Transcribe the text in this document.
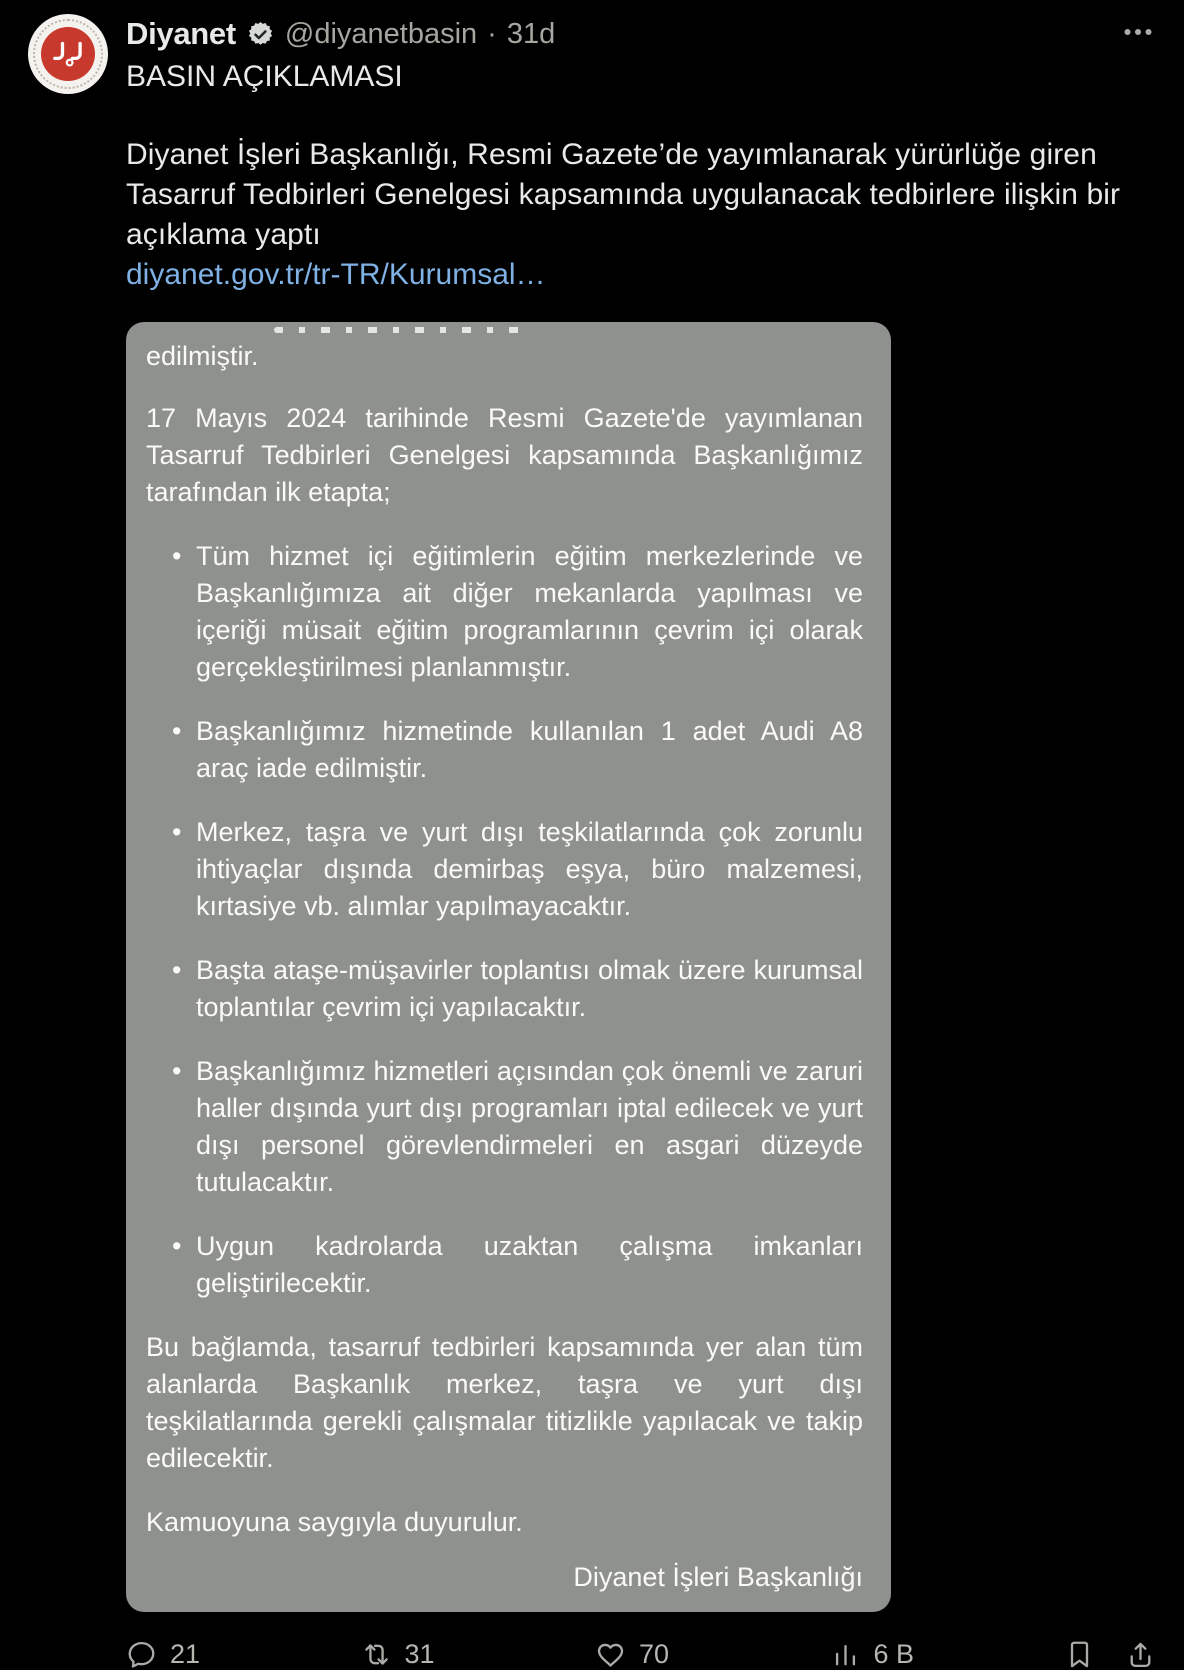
Diyanet @diyanetbasin · 31d
BASIN AÇIKLAMASI
Diyanet İşleri Başkanlığı, Resmi Gazete’de yayımlanarak yürürlüğe giren Tasarruf Tedbirleri Genelgesi kapsamında uygulanacak tedbirlere ilişkin bir açıklama yaptı
diyanet.gov.tr/tr-TR/Kurumsal…

edilmiştir.

17 Mayıs 2024 tarihinde Resmi Gazete'de yayımlanan Tasarruf Tedbirleri Genelgesi kapsamında Başkanlığımız tarafından ilk etapta;

• Tüm hizmet içi eğitimlerin eğitim merkezlerinde ve Başkanlığımıza ait diğer mekanlarda yapılması ve içeriği müsait eğitim programlarının çevrim içi olarak gerçekleştirilmesi planlanmıştır.
• Başkanlığımız hizmetinde kullanılan 1 adet Audi A8 araç iade edilmiştir.
• Merkez, taşra ve yurt dışı teşkilatlarında çok zorunlu ihtiyaçlar dışında demirbaş eşya, büro malzemesi, kırtasiye vb. alımlar yapılmayacaktır.
• Başta ataşe-müşavirler toplantısı olmak üzere kurumsal toplantılar çevrim içi yapılacaktır.
• Başkanlığımız hizmetleri açısından çok önemli ve zaruri haller dışında yurt dışı programları iptal edilecek ve yurt dışı personel görevlendirmeleri en asgari düzeyde tutulacaktır.
• Uygun kadrolarda uzaktan çalışma imkanları geliştirilecektir.

Bu bağlamda, tasarruf tedbirleri kapsamında yer alan tüm alanlarda Başkanlık merkez, taşra ve yurt dışı teşkilatlarında gerekli çalışmalar titizlikle yapılacak ve takip edilecektir.

Kamuoyuna saygıyla duyurulur.

Diyanet İşleri Başkanlığı

21	31	70	6 B
